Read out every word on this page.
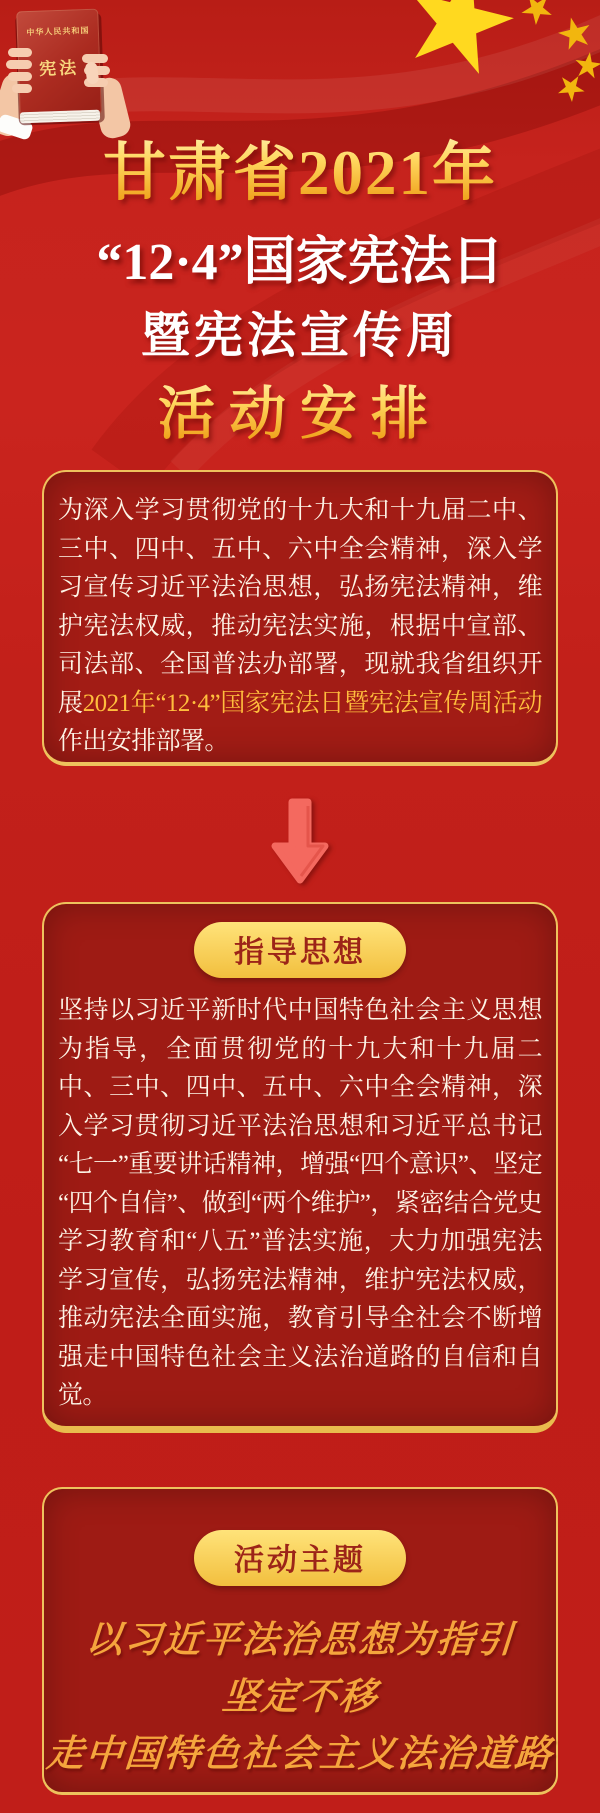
中华人民共和国
宪法
甘肃省2021年
“12·4”国家宪法日
暨宪法宣传周
活动安排

为深入学习贯彻党的十九大和十九届二中、三中、四中、五中、六中全会精神，深入学习宣传习近平法治思想，弘扬宪法精神，维护宪法权威，推动宪法实施，根据中宣部、司法部、全国普法办部署，现就我省组织开展2021年“12·4”国家宪法日暨宪法宣传周活动作出安排部署。

指导思想

坚持以习近平新时代中国特色社会主义思想为指导，全面贯彻党的十九大和十九届二中、三中、四中、五中、六中全会精神，深入学习贯彻习近平法治思想和习近平总书记“七一”重要讲话精神，增强“四个意识”、坚定“四个自信”、做到“两个维护”，紧密结合党史学习教育和“八五”普法实施，大力加强宪法学习宣传，弘扬宪法精神，维护宪法权威，推动宪法全面实施，教育引导全社会不断增强走中国特色社会主义法治道路的自信和自觉。

活动主题
以习近平法治思想为指引
坚定不移
走中国特色社会主义法治道路
